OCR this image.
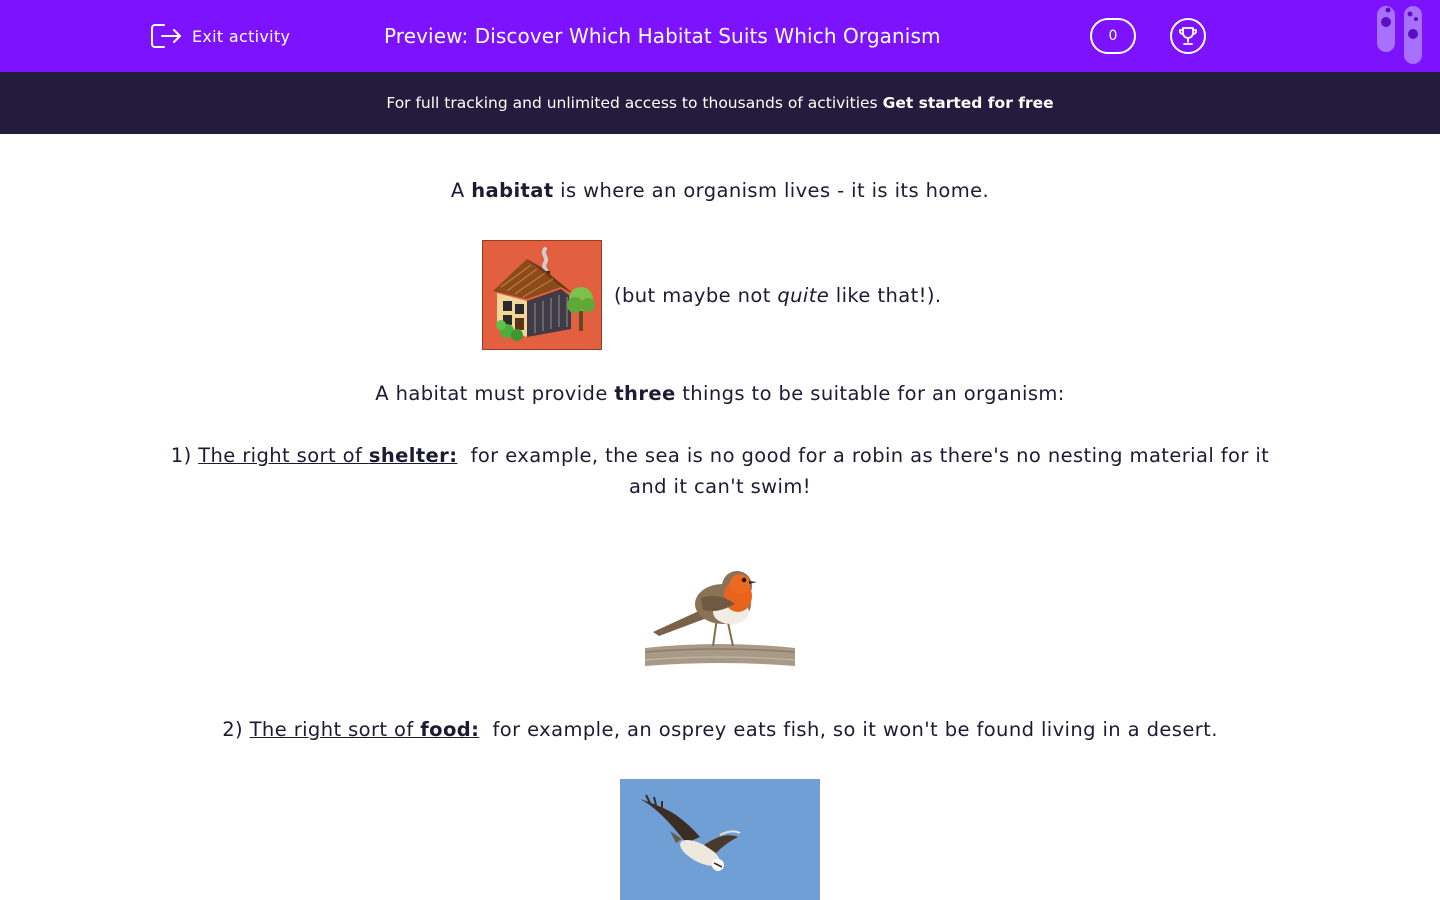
Exit activity	Preview: Discover Which Habitat Suits Which Organism	0
For full tracking and unlimited access to thousands of activities Get started for free
A habitat is where an organism lives - it is its home.
(but maybe not quite like that!).
A habitat must provide three things to be suitable for an organism:
1) The right sort of shelter:  for example, the sea is no good for a robin as there's no nesting material for it
and it can't swim!
2) The right sort of food:  for example, an osprey eats fish, so it won't be found living in a desert.
